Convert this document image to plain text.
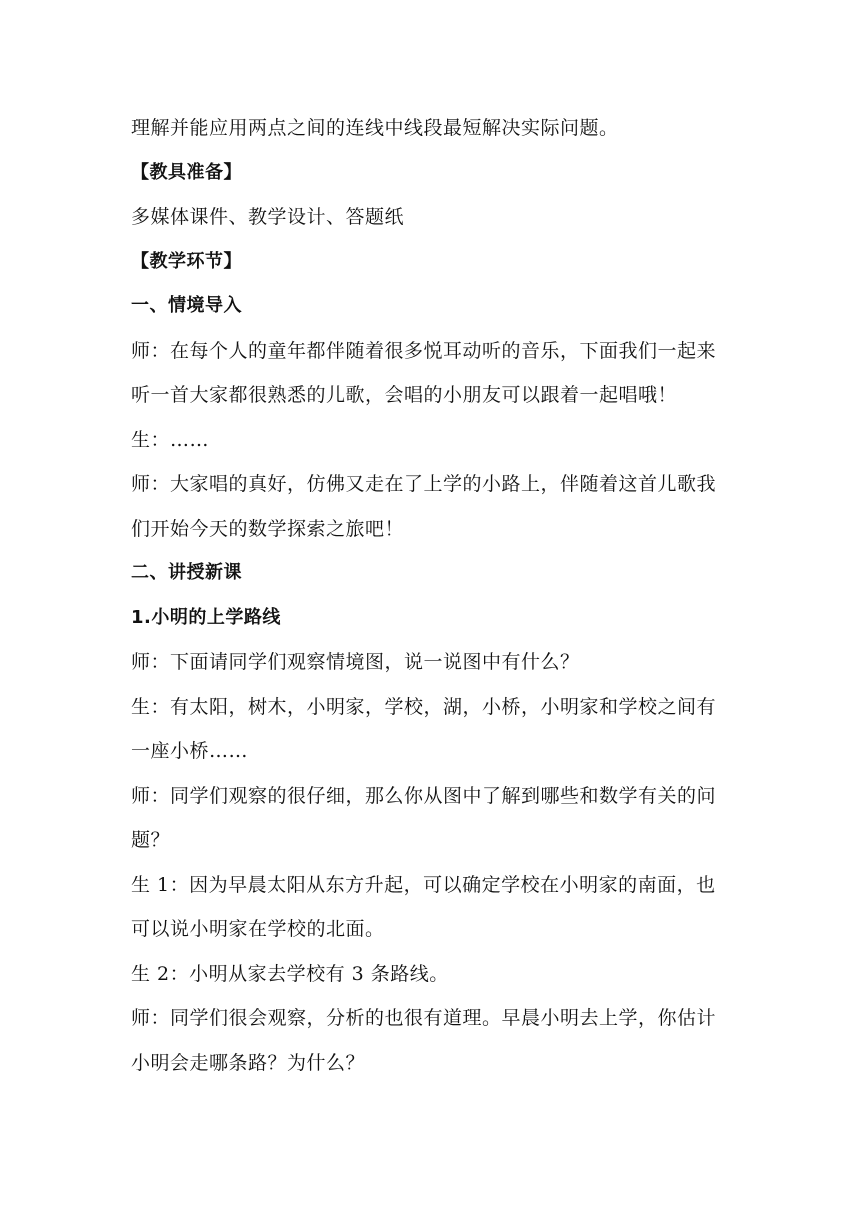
理解并能应用两点之间的连线中线段最短解决实际问题。
【教具准备】
多媒体课件、教学设计、答题纸
【教学环节】
一、情境导入
师：在每个人的童年都伴随着很多悦耳动听的音乐，下面我们一起来
听一首大家都很熟悉的儿歌，会唱的小朋友可以跟着一起唱哦！
生：……
师：大家唱的真好，仿佛又走在了上学的小路上，伴随着这首儿歌我
们开始今天的数学探索之旅吧！
二、讲授新课
1.小明的上学路线
师：下面请同学们观察情境图，说一说图中有什么？
生：有太阳，树木，小明家，学校，湖，小桥，小明家和学校之间有
一座小桥……
师：同学们观察的很仔细，那么你从图中了解到哪些和数学有关的问
题？
生 1：因为早晨太阳从东方升起，可以确定学校在小明家的南面，也
可以说小明家在学校的北面。
生 2：小明从家去学校有 3 条路线。
师：同学们很会观察，分析的也很有道理。早晨小明去上学，你估计
小明会走哪条路？为什么？
